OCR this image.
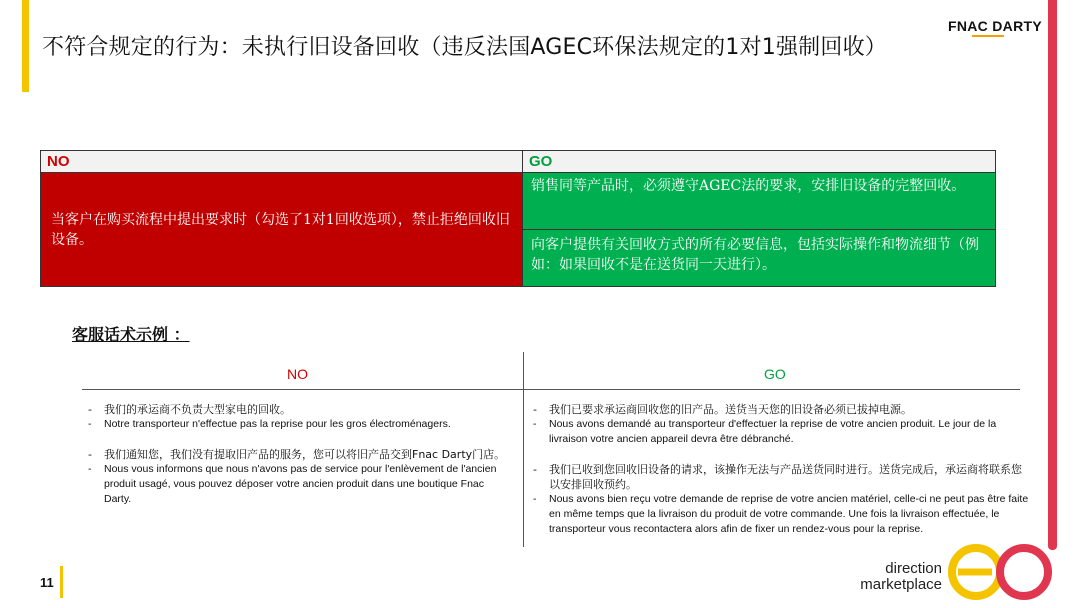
不符合规定的行为：未执行旧设备回收（违反法国AGEC环保法规定的1对1强制回收）
FNAC DARTY
NO	GO
当客户在购买流程中提出要求时（勾选了1对1回收选项），禁止拒绝回收旧设备。
销售同等产品时，必须遵守AGEC法的要求，安排旧设备的完整回收。
向客户提供有关回收方式的所有必要信息，包括实际操作和物流细节（例如：如果回收不是在送货同一天进行）。
客服话术示例 ：
NO	GO
- 我们的承运商不负责大型家电的回收。
- Notre transporteur n'effectue pas la reprise pour les gros électroménagers.
- 我们通知您，我们没有提取旧产品的服务，您可以将旧产品交到Fnac Darty门店。
- Nous vous informons que nous n'avons pas de service pour l'enlèvement de l'ancien produit usagé, vous pouvez déposer votre ancien produit dans une boutique Fnac Darty.
- 我们已要求承运商回收您的旧产品。送货当天您的旧设备必须已拔掉电源。
- Nous avons demandé au transporteur d'effectuer la reprise de votre ancien produit. Le jour de la livraison votre ancien appareil devra être débranché.
- 我们已收到您回收旧设备的请求，该操作无法与产品送货同时进行。送货完成后，承运商将联系您以安排回收预约。
- Nous avons bien reçu votre demande de reprise de votre ancien matériel, celle-ci ne peut pas être faite en même temps que la livraison du produit de votre commande. Une fois la livraison effectuée, le transporteur vous recontactera alors afin de fixer un rendez-vous pour la reprise.
11
direction
marketplace
